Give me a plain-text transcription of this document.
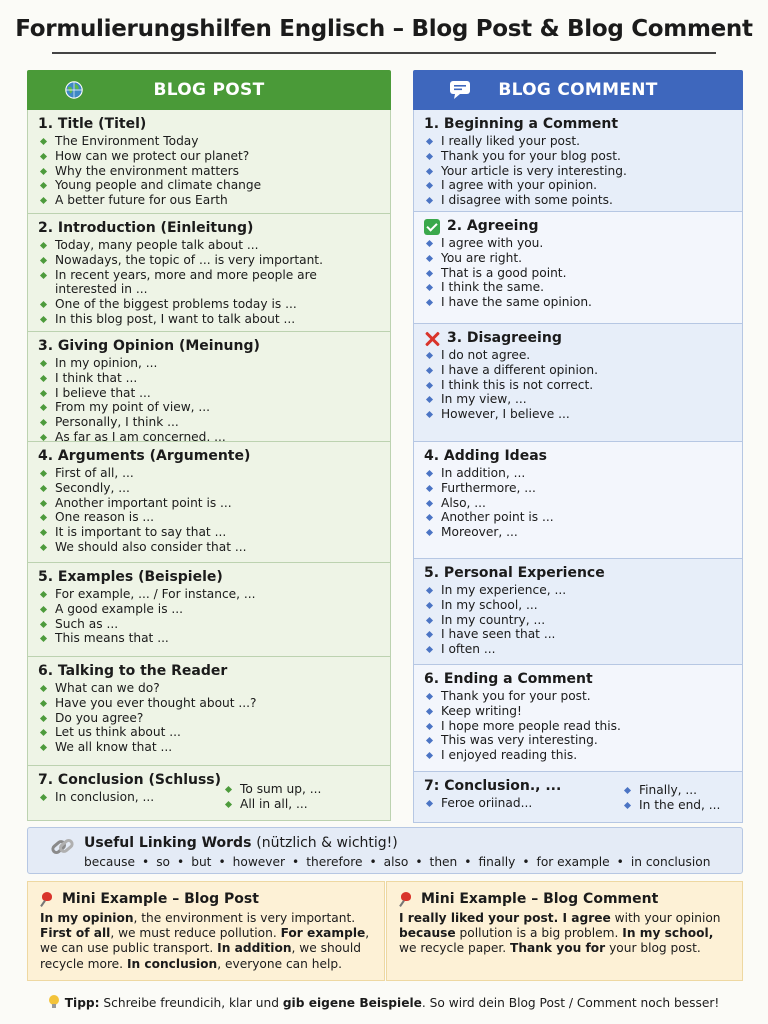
Formulierungshilfen Englisch – Blog Post & Blog Comment
BLOG POST
1. Title (Titel)
The Environment Today
How can we protect our planet?
Why the environment matters
Young people and climate change
A better future for ous Earth
2. Introduction (Einleitung)
Today, many people talk about ...
Nowadays, the topic of ... is very important.
In recent years, more and more people are interested in ...
One of the biggest problems today is ...
In this blog post, I want to talk about ...
3. Giving Opinion (Meinung)
In my opinion, ...
I think that ...
I believe that ...
From my point of view, ...
Personally, I think ...
As far as I am concerned, ...
4. Arguments (Argumente)
First of all, ...
Secondly, ...
Another important point is ...
One reason is ...
It is important to say that ...
We should also consider that ...
5. Examples (Beispiele)
For example, ... / For instance, ...
A good example is ...
Such as ...
This means that ...
6. Talking to the Reader
What can we do?
Have you ever thought about ...?
Do you agree?
Let us think about ...
We all know that ...
7. Conclusion (Schluss)
In conclusion, ...
To sum up, ...
All in all, ...
BLOG COMMENT
1. Beginning a Comment
I really liked your post.
Thank you for your blog post.
Your article is very interesting.
I agree with your opinion.
I disagree with some points.
2. Agreeing
I agree with you.
You are right.
That is a good point.
I think the same.
I have the same opinion.
3. Disagreeing
I do not agree.
I have a different opinion.
I think this is not correct.
In my view, ...
However, I believe ...
4. Adding Ideas
In addition, ...
Furthermore, ...
Also, ...
Another point is ...
Moreover, ...
5. Personal Experience
In my experience, ...
In my school, ...
In my country, ...
I have seen that ...
I often ...
6. Ending a Comment
Thank you for your post.
Keep writing!
I hope more people read this.
This was very interesting.
I enjoyed reading this.
7: Conclusion., ...
Feroe oriinad...
Finally, ...
In the end, ...
Useful Linking Words (nützlich & wichtig!)
because • so • but • however • therefore • also • then • finally • for example • in conclusion
Mini Example – Blog Post
In my opinion, the environment is very important. First of all, we must reduce pollution. For example, we can use public transport. In addition, we should recycle more. In conclusion, everyone can help.
Mini Example – Blog Comment
I really liked your post. I agree with your opinion because pollution is a big problem. In my school, we recycle paper. Thank you for your blog post.
Tipp: Schreibe freundicih, klar und gib eigene Beispiele. So wird dein Blog Post / Comment noch besser!
